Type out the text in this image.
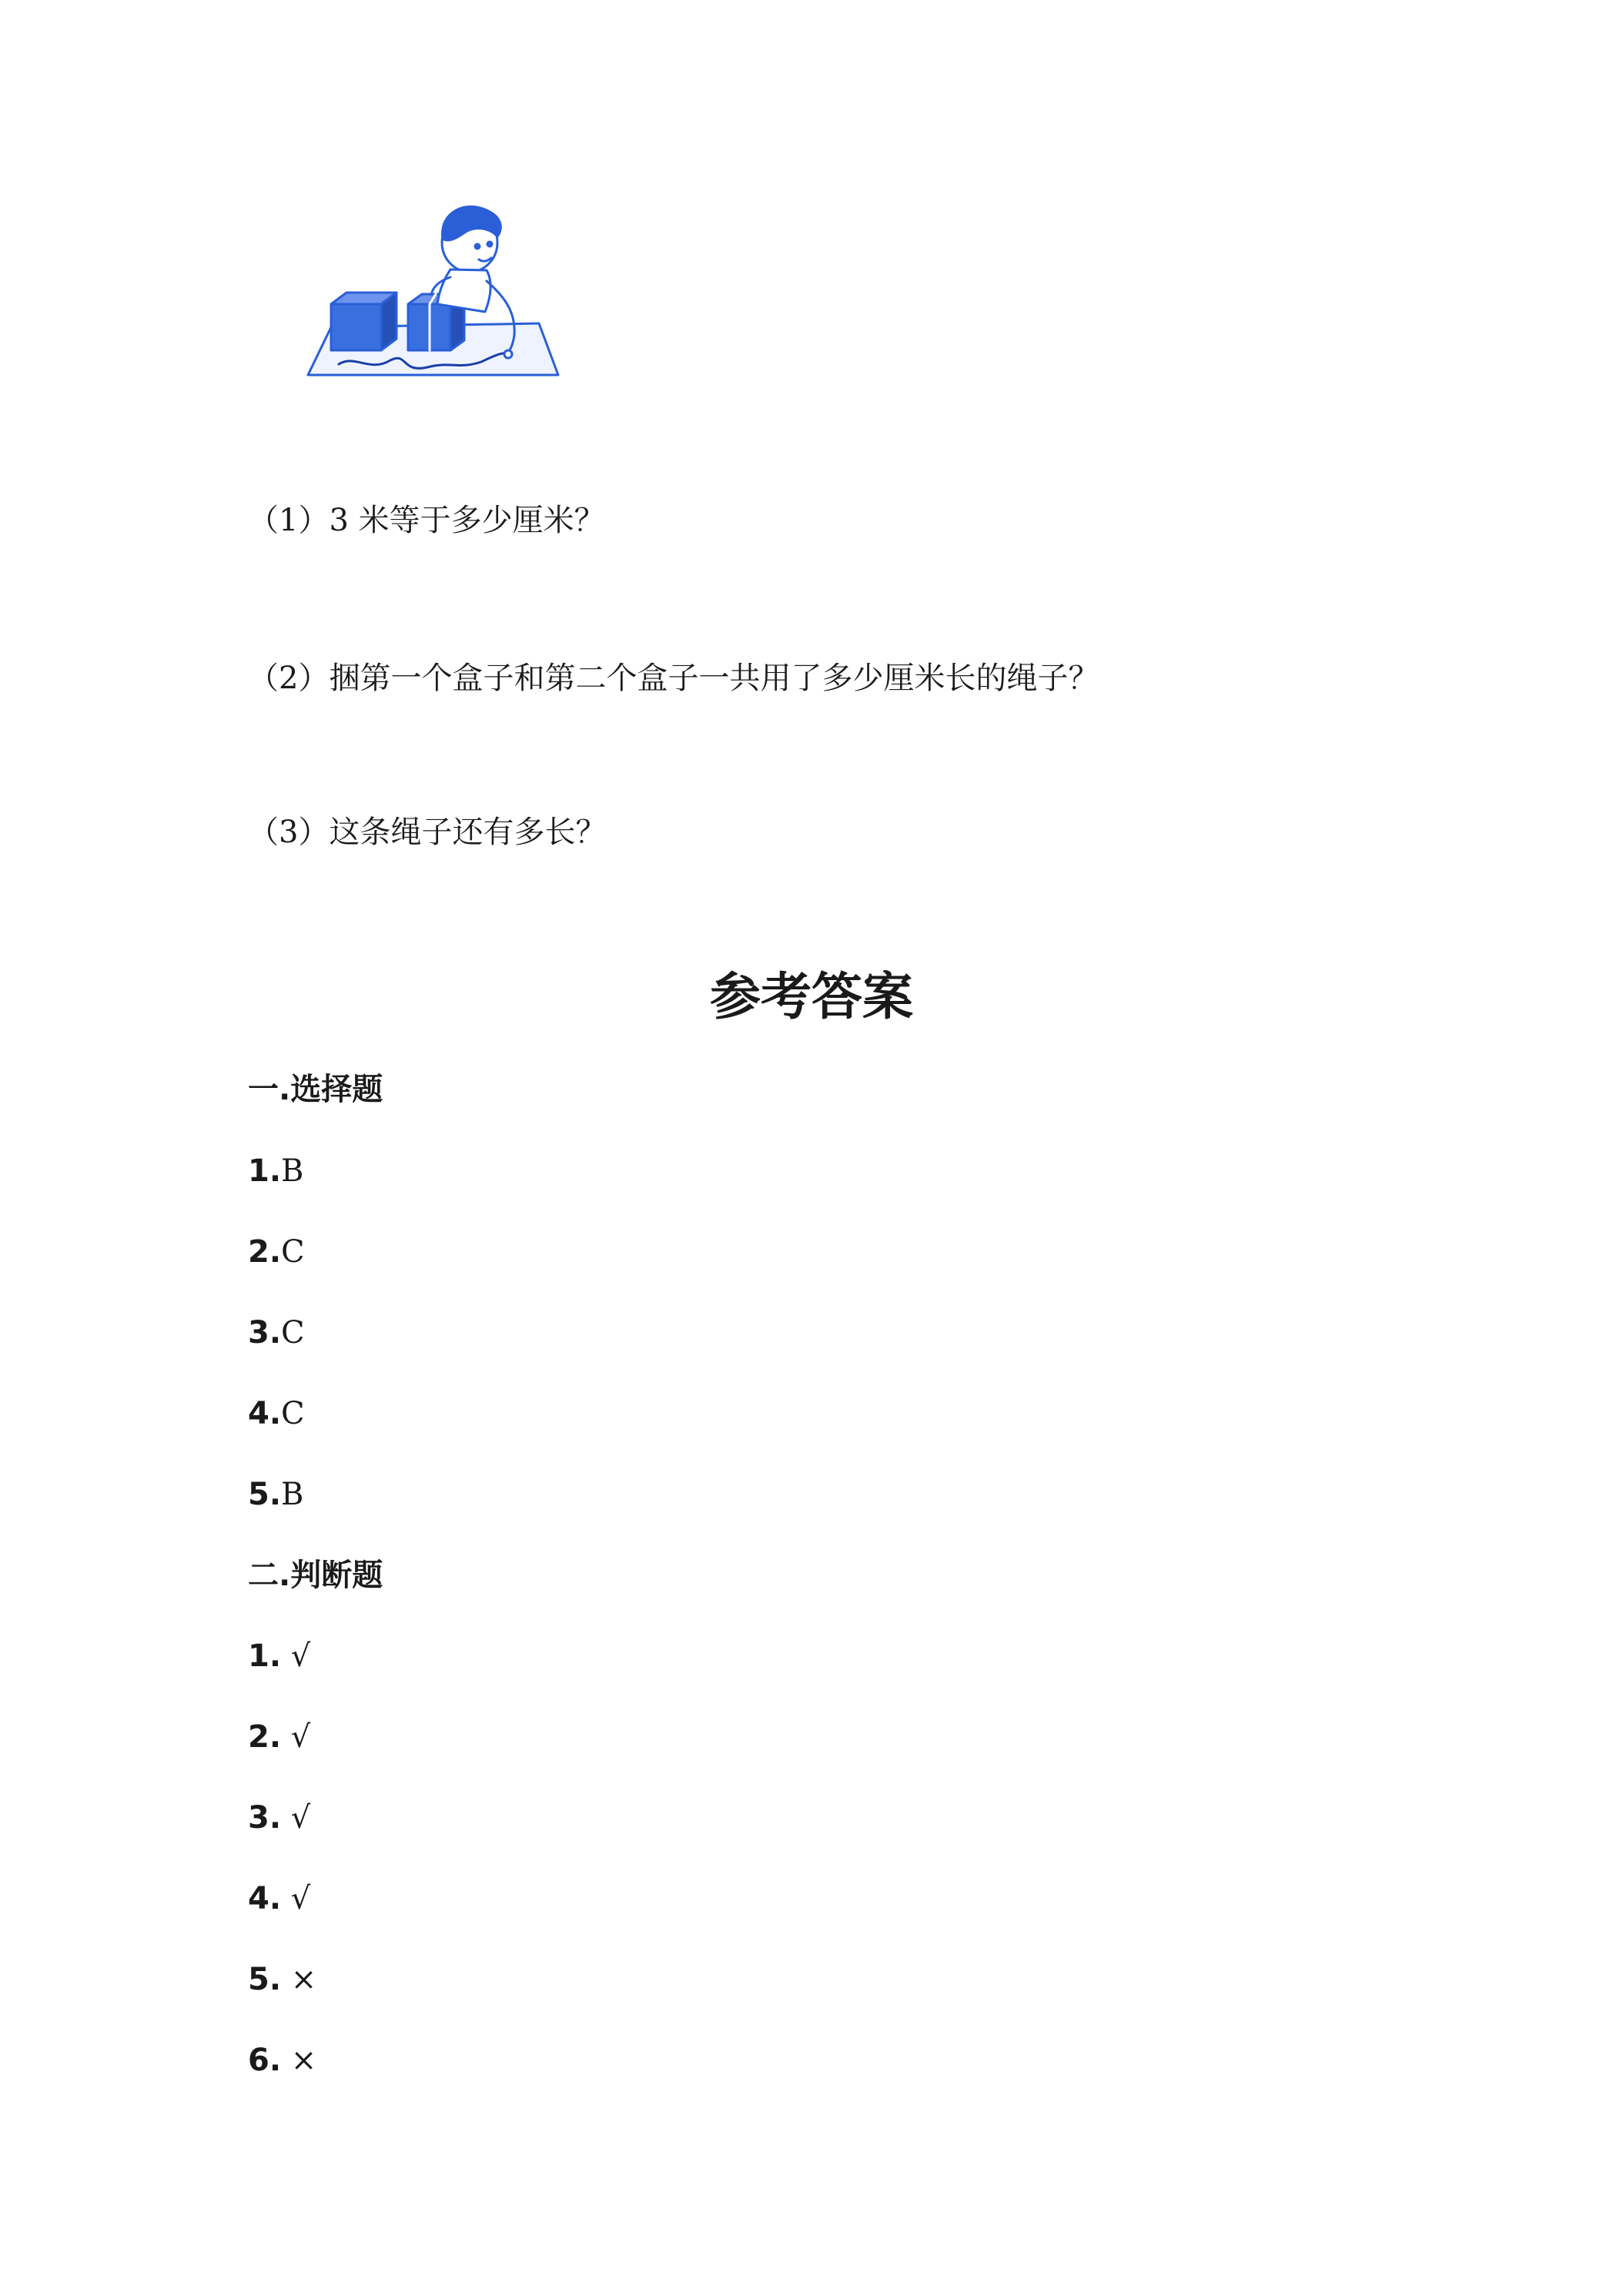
（1）3 米等于多少厘米？
（2）捆第一个盒子和第二个盒子一共用了多少厘米长的绳子？
（3）这条绳子还有多长？
参考答案
一.选择题
1.B
2.C
3.C
4.C
5.B
二.判断题
1. √
2. √
3. √
4. √
5. ×
6. ×
